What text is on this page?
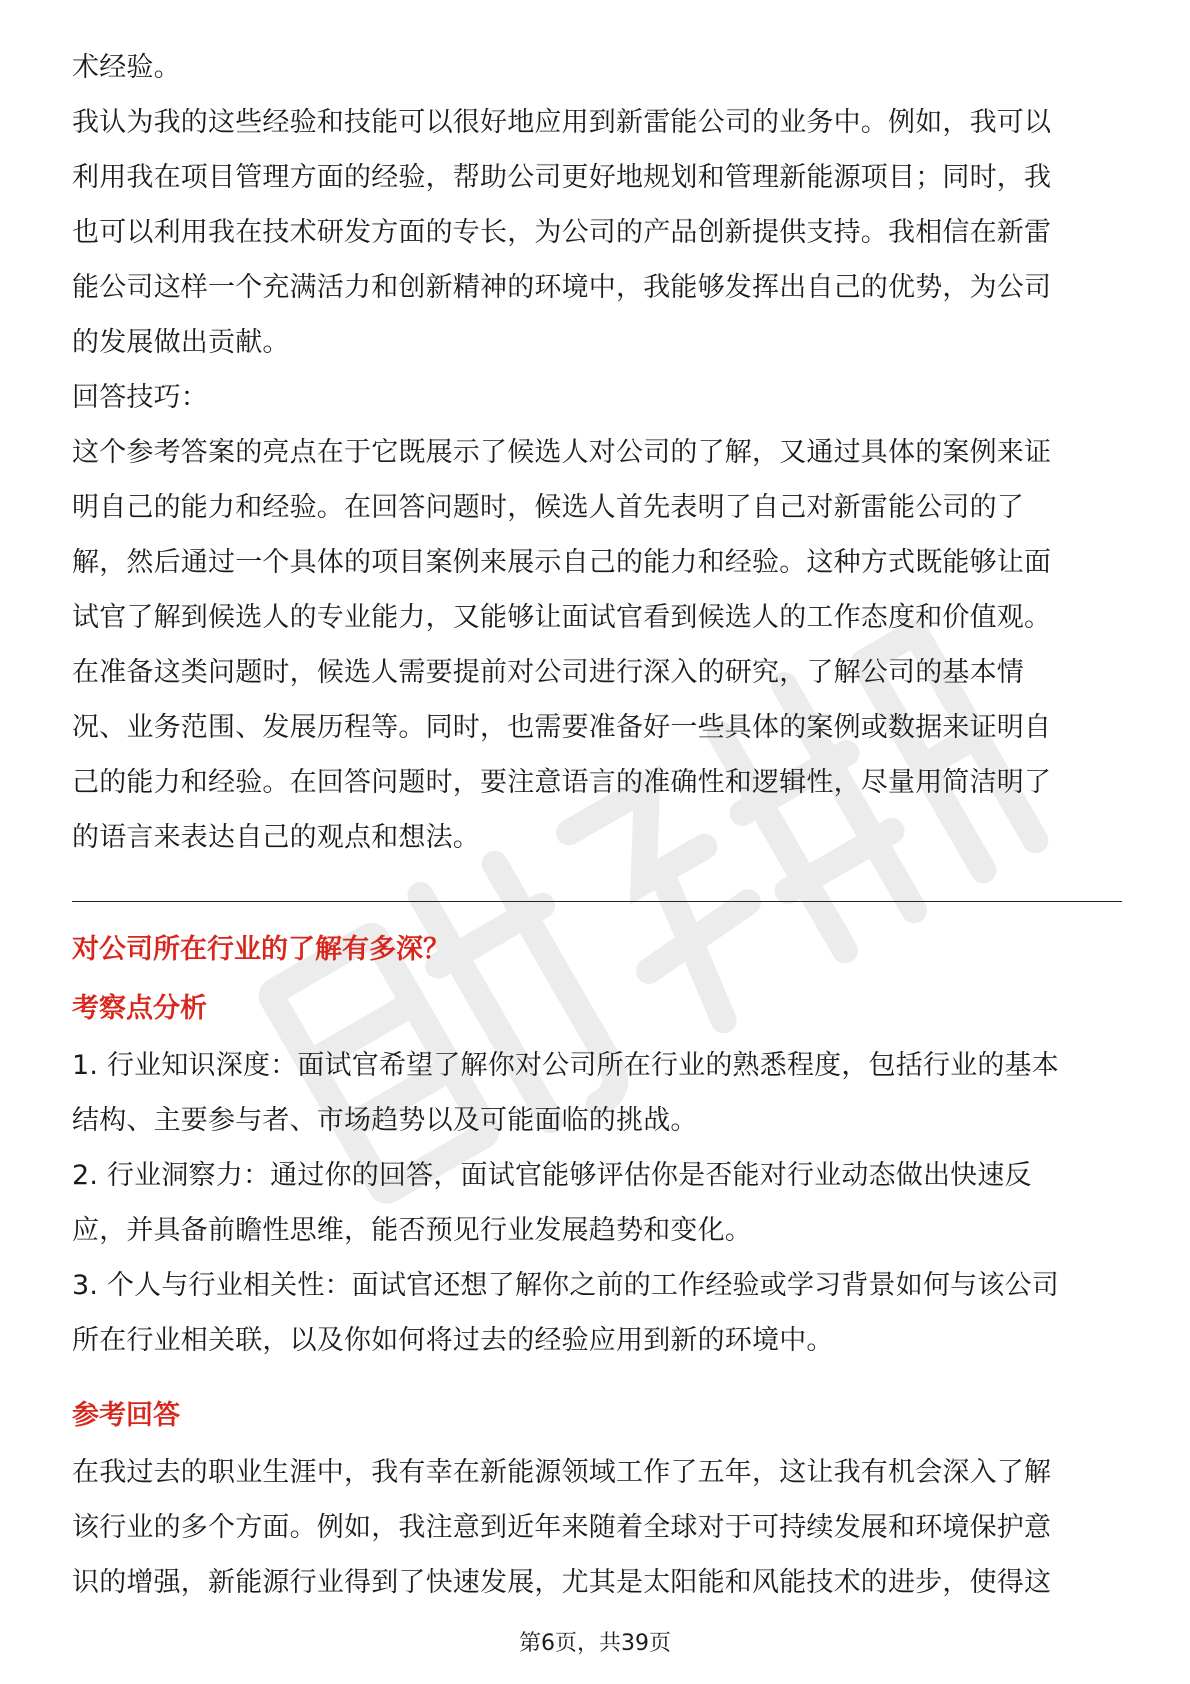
术经验。

我认为我的这些经验和技能可以很好地应用到新雷能公司的业务中。例如，我可以
利用我在项目管理方面的经验，帮助公司更好地规划和管理新能源项目；同时，我
也可以利用我在技术研发方面的专长，为公司的产品创新提供支持。我相信在新雷
能公司这样一个充满活力和创新精神的环境中，我能够发挥出自己的优势，为公司
的发展做出贡献。

回答技巧：

这个参考答案的亮点在于它既展示了候选人对公司的了解，又通过具体的案例来证
明自己的能力和经验。在回答问题时，候选人首先表明了自己对新雷能公司的了
解，然后通过一个具体的项目案例来展示自己的能力和经验。这种方式既能够让面
试官了解到候选人的专业能力，又能够让面试官看到候选人的工作态度和价值观。
在准备这类问题时，候选人需要提前对公司进行深入的研究，了解公司的基本情
况、业务范围、发展历程等。同时，也需要准备好一些具体的案例或数据来证明自
己的能力和经验。在回答问题时，要注意语言的准确性和逻辑性，尽量用简洁明了
的语言来表达自己的观点和想法。

对公司所在行业的了解有多深？
考察点分析

1. 行业知识深度：面试官希望了解你对公司所在行业的熟悉程度，包括行业的基本
结构、主要参与者、市场趋势以及可能面临的挑战。

2. 行业洞察力：通过你的回答，面试官能够评估你是否能对行业动态做出快速反
应，并具备前瞻性思维，能否预见行业发展趋势和变化。

3. 个人与行业相关性：面试官还想了解你之前的工作经验或学习背景如何与该公司
所在行业相关联，以及你如何将过去的经验应用到新的环境中。

参考回答

在我过去的职业生涯中，我有幸在新能源领域工作了五年，这让我有机会深入了解
该行业的多个方面。例如，我注意到近年来随着全球对于可持续发展和环境保护意
识的增强，新能源行业得到了快速发展，尤其是太阳能和风能技术的进步，使得这

第6页，共39页
